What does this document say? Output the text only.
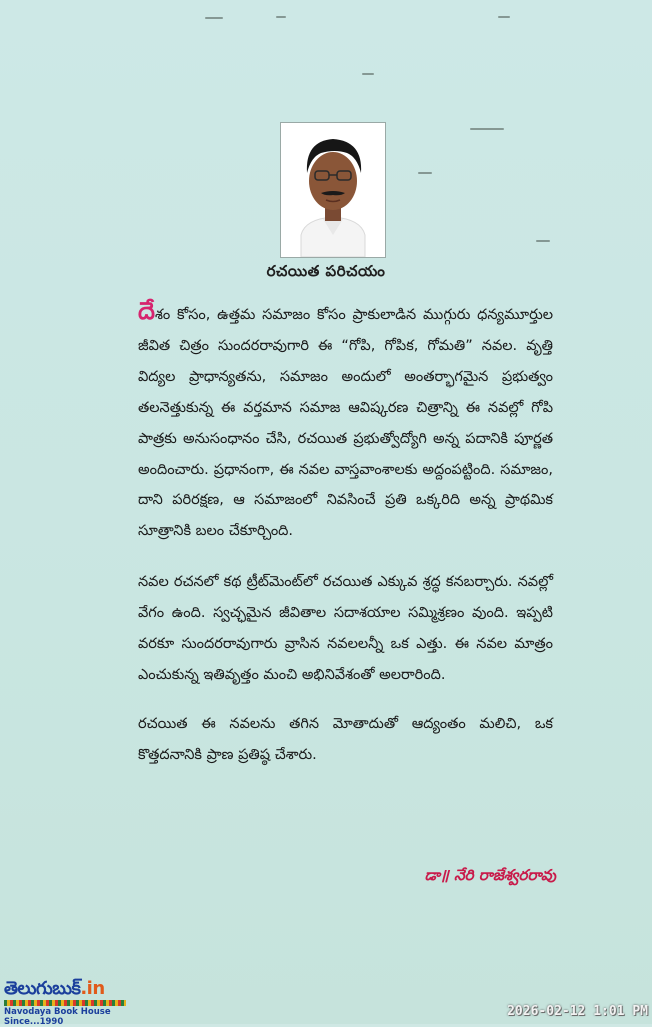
రచయిత పరిచయం

దేశం కోసం, ఉత్తమ సమాజం కోసం ప్రాకులాడిన ముగ్గురు ధన్యమూర్తుల జీవిత చిత్రం సుందరరావుగారి ఈ “గోపి, గోపిక, గోమతి” నవల. వృత్తి విద్యల ప్రాధాన్యతను, సమాజం అందులో అంతర్భాగమైన ప్రభుత్వం తలనెత్తుకున్న ఈ వర్తమాన సమాజ ఆవిష్కరణ చిత్రాన్ని ఈ నవల్లో గోపి పాత్రకు అనుసంధానం చేసి, రచయిత ప్రభుత్వోద్యోగి అన్న పదానికి పూర్ణత అందించారు. ప్రధానంగా, ఈ నవల వాస్తవాంశాలకు అద్దంపట్టింది. సమాజం, దాని పరిరక్షణ, ఆ సమాజంలో నివసించే ప్రతి ఒక్కరిది అన్న ప్రాథమిక సూత్రానికి బలం చేకూర్చింది.

నవల రచనలో కథ ట్రీట్‌మెంట్‌లో రచయిత ఎక్కువ శ్రద్ధ కనబర్చారు. నవల్లో వేగం ఉంది. స్వచ్ఛమైన జీవితాల సదాశయాల సమ్మిశ్రణం వుంది. ఇప్పటి వరకూ సుందరరావుగారు వ్రాసిన నవలలన్నీ ఒక ఎత్తు. ఈ నవల మాత్రం ఎంచుకున్న ఇతివృత్తం మంచి అభినివేశంతో అలరారింది.

రచయిత ఈ నవలను తగిన మోతాదుతో ఆద్యంతం మలిచి, ఒక కొత్తదనానికి ప్రాణ ప్రతిష్ఠ చేశారు.

డా॥ నేరి రాజేశ్వరరావు
తెలుగుబుక్.in
Navodaya Book House Since...1990
2026-02-12 1:01 PM
